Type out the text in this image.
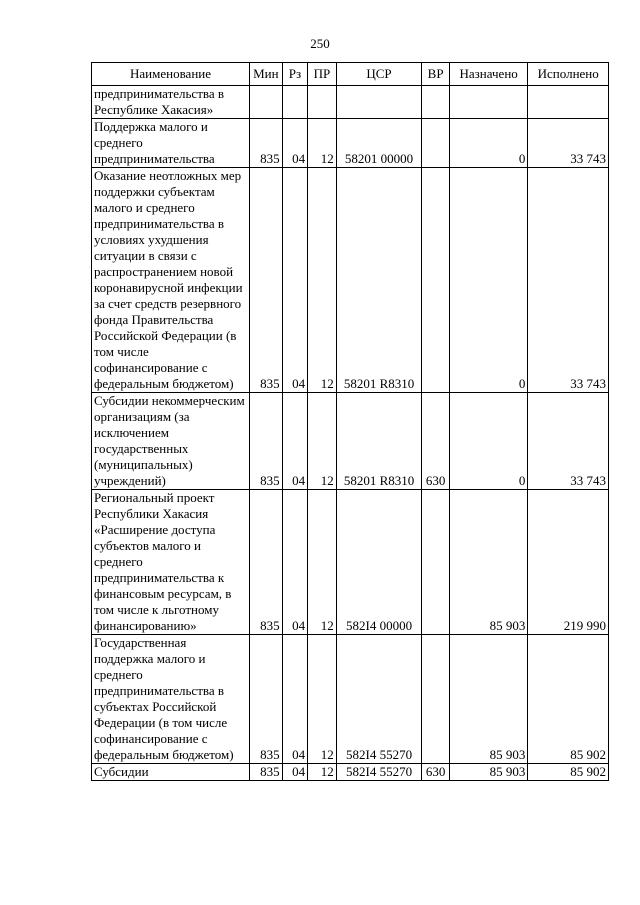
250
Наименование	Мин	Рз	ПР	ЦСР	ВР	Назначено	Исполнено
предпринимательства в Республике Хакасия»							
Поддержка малого и среднего предпринимательства	835	04	12	58201 00000		0	33 743
Оказание неотложных мер поддержки субъектам малого и среднего предпринимательства в условиях ухудшения ситуации в связи с распространением новой коронавирусной инфекции за счет средств резервного фонда Правительства Российской Федерации (в том числе софинансирование с федеральным бюджетом)	835	04	12	58201 R8310		0	33 743
Субсидии некоммерческим организациям (за исключением государственных (муниципальных) учреждений)	835	04	12	58201 R8310	630	0	33 743
Региональный проект Республики Хакасия «Расширение доступа субъектов малого и среднего предпринимательства к финансовым ресурсам, в том числе к льготному финансированию»	835	04	12	582I4 00000		85 903	219 990
Государственная поддержка малого и среднего предпринимательства в субъектах Российской Федерации (в том числе софинансирование с федеральным бюджетом)	835	04	12	582I4 55270		85 903	85 902
Субсидии	835	04	12	582I4 55270	630	85 903	85 902
